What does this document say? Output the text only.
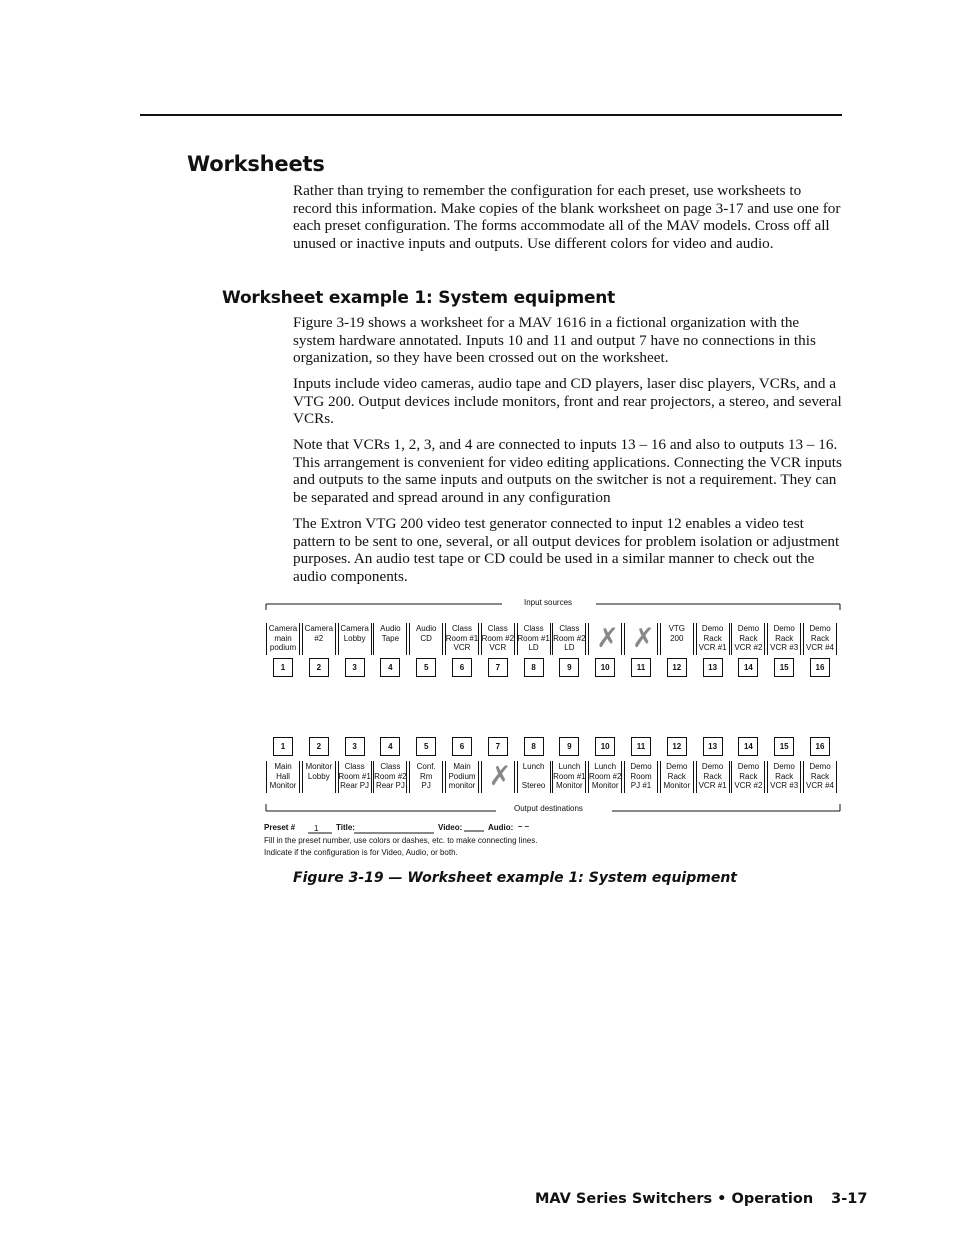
Worksheets

Rather than trying to remember the configuration for each preset, use worksheets to record this information. Make copies of the blank worksheet on page 3-17 and use one for each preset configuration. The forms accommodate all of the MAV models. Cross off all unused or inactive inputs and outputs. Use different colors for video and audio.

Worksheet example 1: System equipment

Figure 3-19 shows a worksheet for a MAV 1616 in a fictional organization with the system hardware annotated. Inputs 10 and 11 and output 7 have no connections in this organization, so they have been crossed out on the worksheet.

Inputs include video cameras, audio tape and CD players, laser disc players, VCRs, and a VTG 200. Output devices include monitors, front and rear projectors, a stereo, and several VCRs.

Note that VCRs 1, 2, 3, and 4 are connected to inputs 13 – 16 and also to outputs 13 – 16. This arrangement is convenient for video editing applications. Connecting the VCR inputs and outputs to the same inputs and outputs on the switcher is not a requirement. They can be separated and spread around in any configuration

The Extron VTG 200 video test generator connected to input 12 enables a video test pattern to be sent to one, several, or all output devices for problem isolation or adjustment purposes. An audio test tape or CD could be used in a similar manner to check out the audio components.

Input sources
Output destinations
Preset # 1 Title:	Video:	Audio: – –
Fill in the preset number, use colors or dashes, etc. to make connecting lines.
Indicate if the configuration is for Video, Audio, or both.
1
Camera
main
podium
2
Camera
#2
3
Camera
Lobby
4
Audio
Tape
5
Audio
CD
6
Class
Room #1
VCR
7
Class
Room #2
VCR
8
Class
Room #1
LD
9
Class
Room #2
LD
10
✗
11
✗
12
VTG
200
13
Demo
Rack
VCR #1
14
Demo
Rack
VCR #2
15
Demo
Rack
VCR #3
16
Demo
Rack
VCR #4
1
Main
Hall
Monitor
2
Monitor
Lobby
3
Class
Room #1
Rear PJ
4
Class
Room #2
Rear PJ
5
Conf.
Rm
PJ
6
Main
Podium
monitor
7
✗
8
Lunch

Stereo
9
Lunch
Room #1
Monitor
10
Lunch
Room #2
Monitor
11
Demo
Room
PJ #1
12
Demo
Rack
Monitor
13
Demo
Rack
VCR #1
14
Demo
Rack
VCR #2
15
Demo
Rack
VCR #3
16
Demo
Rack
VCR #4

Figure 3-19 — Worksheet example 1: System equipment

MAV Series Switchers • Operation 3-17
